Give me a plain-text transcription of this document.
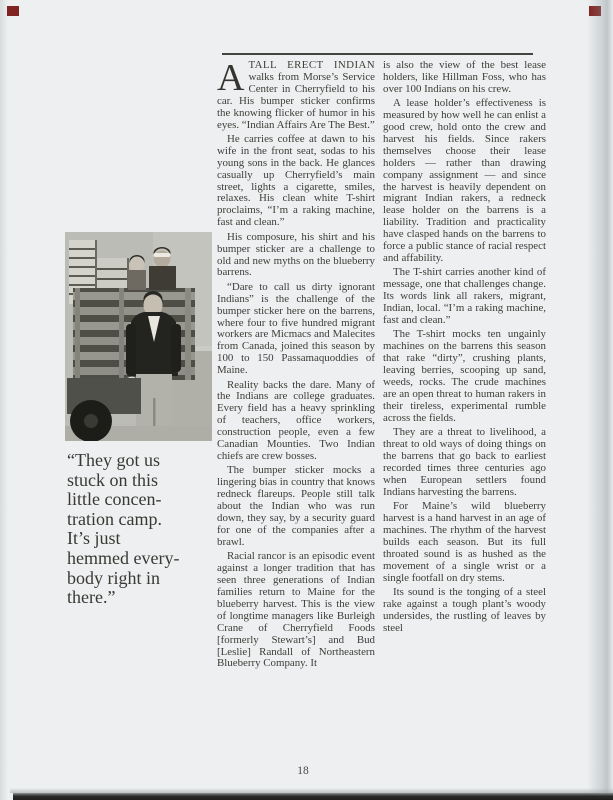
“They got us
stuck on this
little concen-
tration camp.
It’s just
hemmed every-
body right in
there.”

ATALL ERECT INDIAN walks from Morse’s Service Center in Cherryfield to his car. His bumper sticker confirms the knowing flicker of humor in his eyes. “Indian Affairs Are The Best.”

He carries coffee at dawn to his wife in the front seat, sodas to his young sons in the back. He glances casually up Cherryfield’s main street, lights a cigarette, smiles, relaxes. His clean white T-shirt proclaims, “I’m a raking machine, fast and clean.”

His composure, his shirt and his bumper sticker are a challenge to old and new myths on the blueberry barrens.

“Dare to call us dirty ignorant Indians” is the challenge of the bumper sticker here on the barrens, where four to five hundred migrant workers are Micmacs and Malecites from Canada, joined this season by 100 to 150 Passamaquoddies of Maine.

Reality backs the dare. Many of the Indians are college graduates. Every field has a heavy sprinkling of teachers, office workers, construction people, even a few Canadian Mounties. Two Indian chiefs are crew bosses.

The bumper sticker mocks a lingering bias in country that knows redneck flareups. People still talk about the Indian who was run down, they say, by a security guard for one of the companies after a brawl.

Racial rancor is an episodic event against a longer tradition that has seen three generations of Indian families return to Maine for the blueberry harvest. This is the view of longtime managers like Burleigh Crane of Cherryfield Foods [formerly Stewart’s] and Bud [Leslie] Randall of Northeastern Blueberry Company. It

is also the view of the best lease holders, like Hillman Foss, who has over 100 Indians on his crew.

A lease holder’s effectiveness is measured by how well he can enlist a good crew, hold onto the crew and harvest his fields. Since rakers themselves choose their lease holders — rather than drawing company assignment — and since the harvest is heavily dependent on migrant Indian rakers, a redneck lease holder on the barrens is a liability. Tradition and practicality have clasped hands on the barrens to force a public stance of racial respect and affability.

The T-shirt carries another kind of message, one that challenges change. Its words link all rakers, migrant, Indian, local. “I’m a raking machine, fast and clean.”

The T-shirt mocks ten ungainly machines on the barrens this season that rake “dirty”, crushing plants, leaving berries, scooping up sand, weeds, rocks. The crude machines are an open threat to human rakers in their tireless, experimental rumble across the fields.

They are a threat to livelihood, a threat to old ways of doing things on the barrens that go back to earliest recorded times three centuries ago when European settlers found Indians harvesting the barrens.

For Maine’s wild blueberry harvest is a hand harvest in an age of machines. The rhythm of the harvest builds each season. But its full throated sound is as hushed as the movement of a single wrist or a single footfall on dry stems.

Its sound is the tonging of a steel rake against a tough plant’s woody undersides, the rustling of leaves by steel

18
